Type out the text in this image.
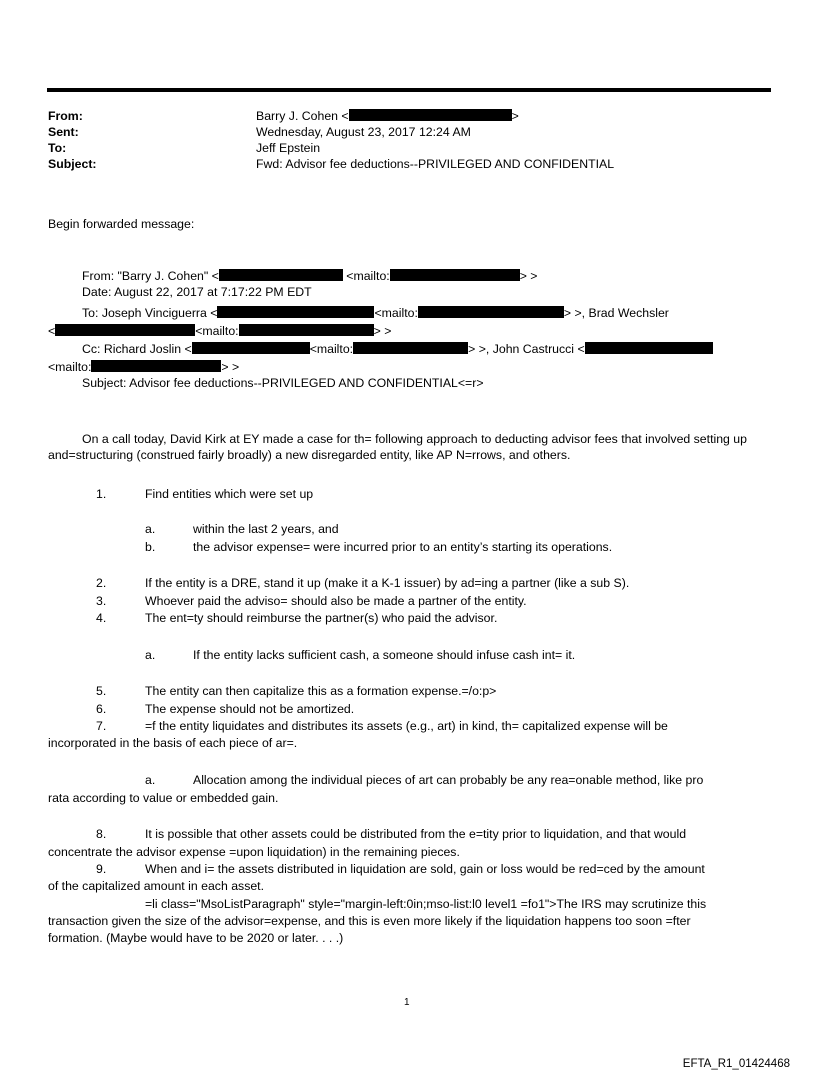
From:	Barry J. Cohen <	>
Sent:	Wednesday, August 23, 2017 12:24 AM
To:	Jeff Epstein
Subject:	Fwd: Advisor fee deductions--PRIVILEGED AND CONFIDENTIAL
Begin forwarded message:
From: "Barry J. Cohen" <	<mailto:	> >
Date: August 22, 2017 at 7:17:22 PM EDT
To: Joseph Vinciguerra <	<mailto:	> >, Brad Wechsler
<	<mailto:	> >
Cc: Richard Joslin <	<mailto:	> >, John Castrucci <
<mailto:	> >
Subject: Advisor fee deductions--PRIVILEGED AND CONFIDENTIAL<=r>
On a call today, David Kirk at EY made a case for th= following approach to deducting advisor fees that involved setting up and=structuring (construed fairly broadly) a new disregarded entity, like AP N=rrows, and others.
1.	Find entities which were set up
a.	within the last 2 years, and
b.	the advisor expense= were incurred prior to an entity’s starting its operations.
2.	If the entity is a DRE, stand it up (make it a K-1 issuer) by ad=ing a partner (like a sub S).
3.	Whoever paid the adviso= should also be made a partner of the entity.
4.	The ent=ty should reimburse the partner(s) who paid the advisor.
a.	If the entity lacks sufficient cash, a someone should infuse cash int= it.
5.	The entity can then capitalize this as a formation expense.=/o:p>
6.	The expense should not be amortized.
7.	=f the entity liquidates and distributes its assets (e.g., art) in kind, th= capitalized expense will be
incorporated in the basis of each piece of ar=.
a.	Allocation among the individual pieces of art can probably be any rea=onable method, like pro
rata according to value or embedded gain.
8.	It is possible that other assets could be distributed from the e=tity prior to liquidation, and that would
concentrate the advisor expense =upon liquidation) in the remaining pieces.
9.	When and i= the assets distributed in liquidation are sold, gain or loss would be red=ced by the amount
of the capitalized amount in each asset.
=li class="MsoListParagraph" style="margin-left:0in;mso-list:l0 level1 =fo1">The IRS may scrutinize this
transaction given the size of the advisor=expense, and this is even more likely if the liquidation happens too soon =fter
formation. (Maybe would have to be 2020 or later. . . .)
1
EFTA_R1_01424468
